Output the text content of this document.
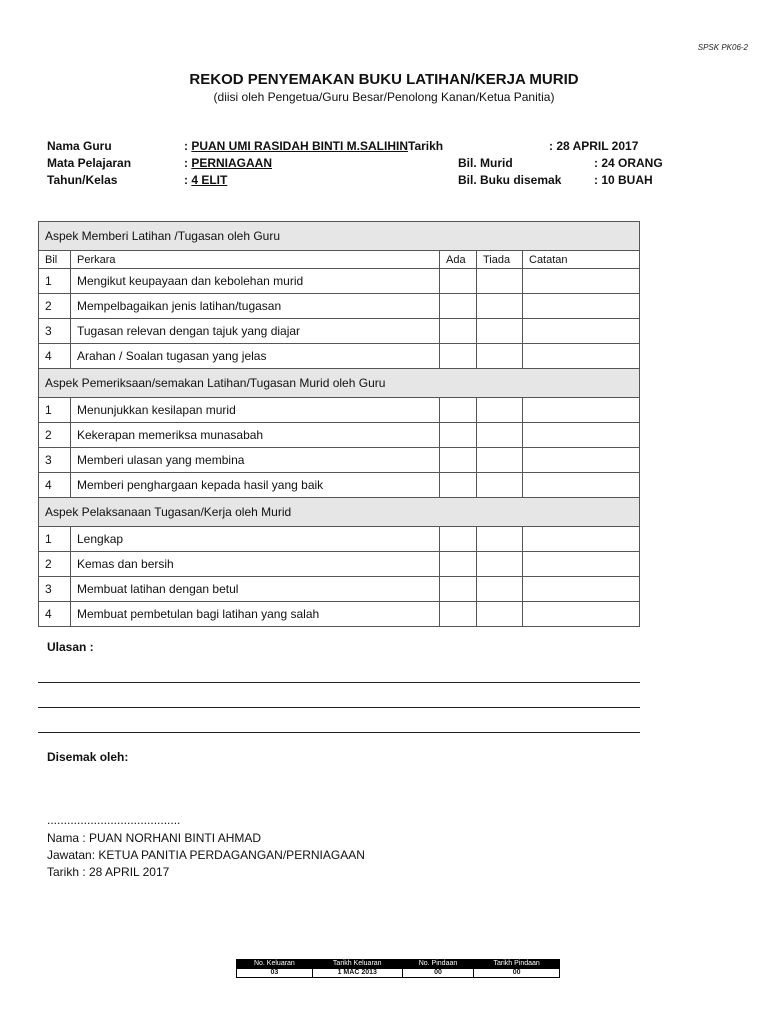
SPSK PK06-2
REKOD PENYEMAKAN BUKU LATIHAN/KERJA MURID
(diisi oleh Pengetua/Guru Besar/Penolong Kanan/Ketua Panitia)
Nama Guru	: PUAN UMI RASIDAH BINTI M.SALIHINTarikh	: 28 APRIL 2017
Mata Pelajaran	: PERNIAGAAN	Bil. Murid	: 24 ORANG
Tahun/Kelas	: 4 ELIT	Bil. Buku disemak	: 10 BUAH
Aspek Memberi Latihan /Tugasan oleh Guru				
Bil	Perkara	Ada	Tiada	Catatan
1	Mengikut keupayaan dan kebolehan murid			
2	Mempelbagaikan jenis latihan/tugasan			
3	Tugasan relevan dengan tajuk yang diajar			
4	Arahan / Soalan tugasan yang jelas			
Aspek Pemeriksaan/semakan Latihan/Tugasan Murid oleh Guru				
1	Menunjukkan kesilapan murid			
2	Kekerapan memeriksa munasabah			
3	Memberi ulasan yang membina			
4	Memberi penghargaan kepada hasil yang baik			
Aspek Pelaksanaan Tugasan/Kerja oleh Murid				
1	Lengkap			
2	Kemas dan bersih			
3	Membuat latihan dengan betul			
4	Membuat pembetulan bagi latihan yang salah			
Ulasan :
Disemak oleh:
........................................
Nama : PUAN NORHANI BINTI AHMAD
Jawatan: KETUA PANITIA PERDAGANGAN/PERNIAGAAN
Tarikh : 28 APRIL 2017
No. Keluaran	Tarikh Keluaran	No. Pindaan	Tarikh Pindaan
03	1 MAC 2013	00	00
